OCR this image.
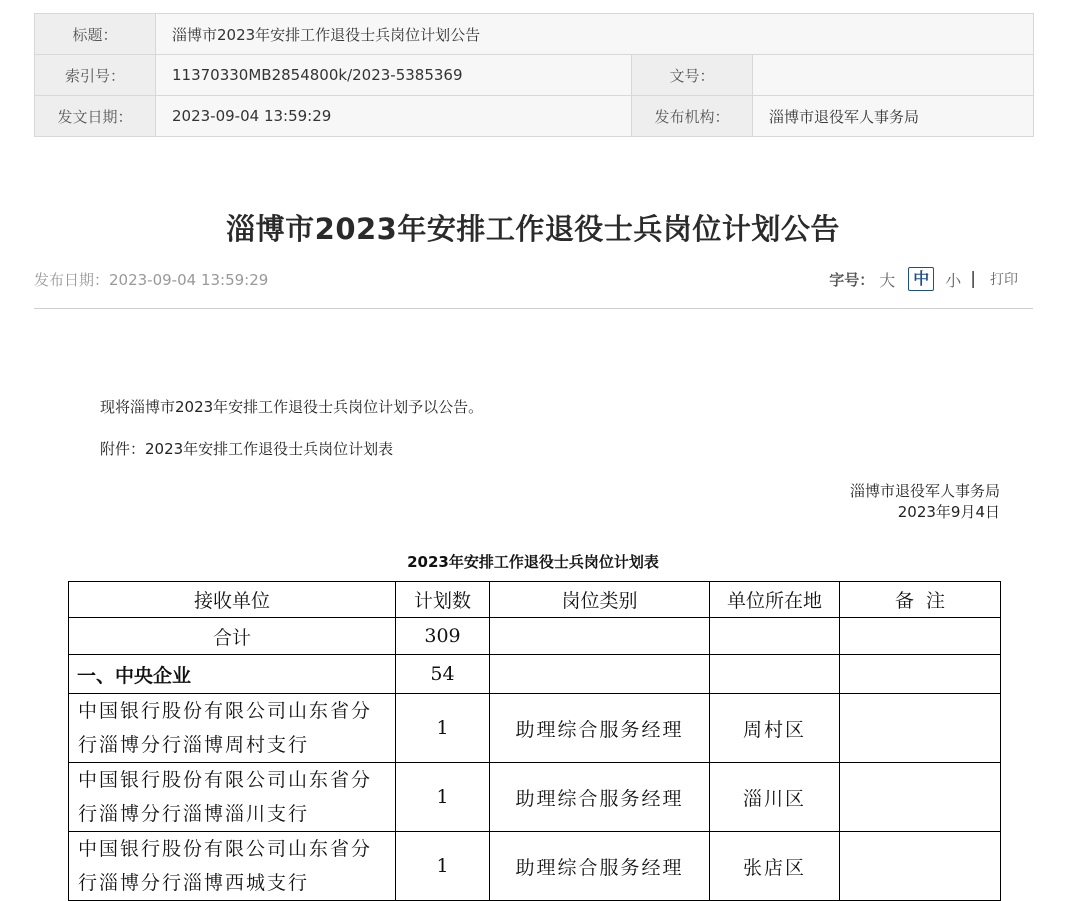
标题：	淄博市2023年安排工作退役士兵岗位计划公告		
索引号：	11370330MB2854800k/2023-5385369	文号：	
发文日期：	2023-09-04 13:59:29	发布机构：	淄博市退役军人事务局
淄博市2023年安排工作退役士兵岗位计划公告
发布日期：2023-09-04 13:59:29	字号： 大	中	小 | 打印
现将淄博市2023年安排工作退役士兵岗位计划予以公告。
附件：2023年安排工作退役士兵岗位计划表
淄博市退役军人事务局
2023年9月4日
2023年安排工作退役士兵岗位计划表
接收单位	计划数	岗位类别	单位所在地	备  注
合计	309			
一、中央企业	54			
中国银行股份有限公司山东省分
行淄博分行淄博周村支行	1	助理综合服务经理	周村区	
中国银行股份有限公司山东省分
行淄博分行淄博淄川支行	1	助理综合服务经理	淄川区	
中国银行股份有限公司山东省分
行淄博分行淄博西城支行	1	助理综合服务经理	张店区	
